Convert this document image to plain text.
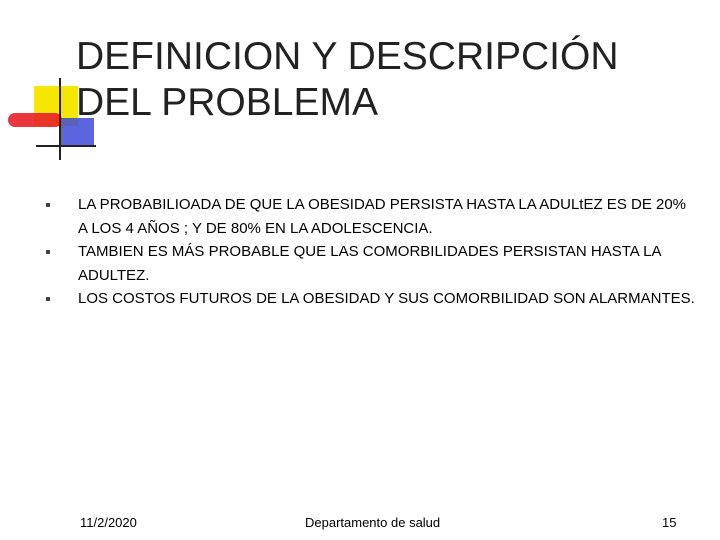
DEFINICION Y DESCRIPCIÓN
DEL PROBLEMA
LA PROBABILIOADA DE QUE LA OBESIDAD PERSISTA HASTA LA ADULtEZ ES DE 20% A LOS 4 AÑOS ; Y DE 80% EN LA ADOLESCENCIA.
TAMBIEN ES MÁS PROBABLE QUE LAS COMORBILIDADES PERSISTAN HASTA LA ADULTEZ.
LOS COSTOS FUTUROS DE LA OBESIDAD Y SUS COMORBILIDAD SON ALARMANTES.
11/2/2020	Departamento de salud	15
